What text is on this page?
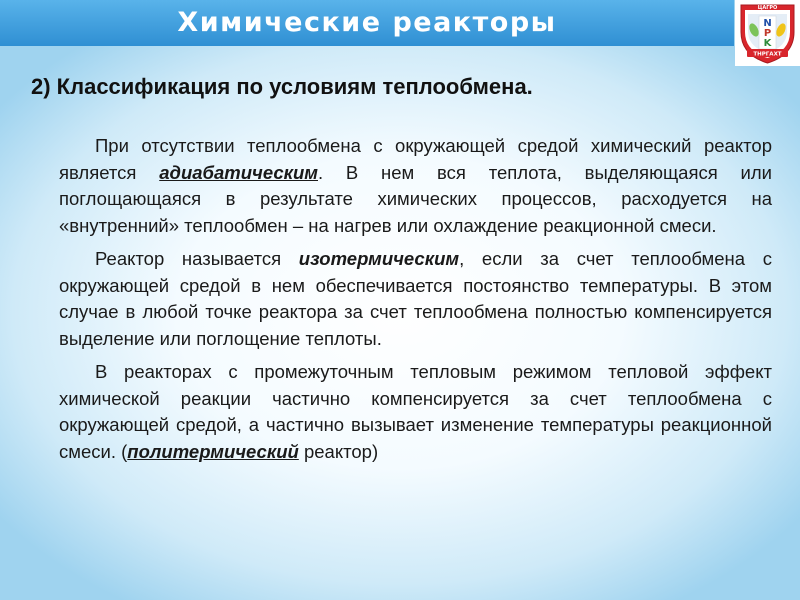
Химические реакторы	ЦАГРО
N
P
K
ТНРГАХТ
2) Классификация по условиям теплообмена.

При отсутствии теплообмена с окружающей средой химический реактор является адиабатическим. В нем вся теплота, выделяющаяся или поглощающаяся в результате химических процессов, расходуется на «внутренний» теплообмен – на нагрев или охлаждение реакционной смеси.

Реактор называется изотермическим, если за счет теплообмена с окружающей средой в нем обеспечивается постоянство температуры. В этом случае в любой точке реактора за счет теплообмена полностью компенсируется выделение или поглощение теплоты.

В реакторах с промежуточным тепловым режимом тепловой эффект химической реакции частично компенсируется за счет теплообмена с окружающей средой, а частично вызывает изменение температуры реакционной смеси. (политермический реактор)
